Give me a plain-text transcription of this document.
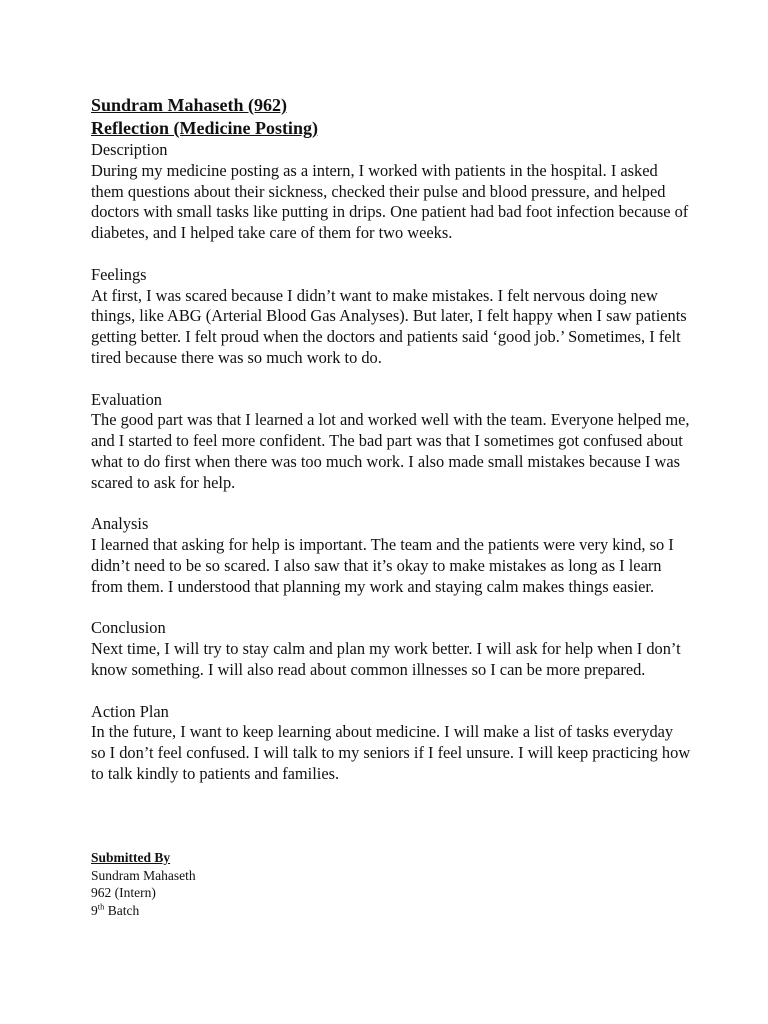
Sundram Mahaseth (962)
Reflection (Medicine Posting)
Description
During my medicine posting as a intern, I worked with patients in the hospital. I asked them questions about their sickness, checked their pulse and blood pressure, and helped doctors with small tasks like putting in drips. One patient had bad foot infection because of diabetes, and I helped take care of them for two weeks.
Feelings
At first, I was scared because I didn’t want to make mistakes. I felt nervous doing new things, like ABG (Arterial Blood Gas Analyses). But later, I felt happy when I saw patients getting better. I felt proud when the doctors and patients said ‘good job.’ Sometimes, I felt tired because there was so much work to do.
Evaluation
The good part was that I learned a lot and worked well with the team. Everyone helped me, and I started to feel more confident. The bad part was that I sometimes got confused about what to do first when there was too much work. I also made small mistakes because I was scared to ask for help.
Analysis
I learned that asking for help is important. The team and the patients were very kind, so I didn’t need to be so scared. I also saw that it’s okay to make mistakes as long as I learn from them. I understood that planning my work and staying calm makes things easier.
Conclusion
Next time, I will try to stay calm and plan my work better. I will ask for help when I don’t know something. I will also read about common illnesses so I can be more prepared.
Action Plan
In the future, I want to keep learning about medicine. I will make a list of tasks everyday so I don’t feel confused. I will talk to my seniors if I feel unsure. I will keep practicing how to talk kindly to patients and families.
Submitted By
Sundram Mahaseth
962 (Intern)
9th Batch
